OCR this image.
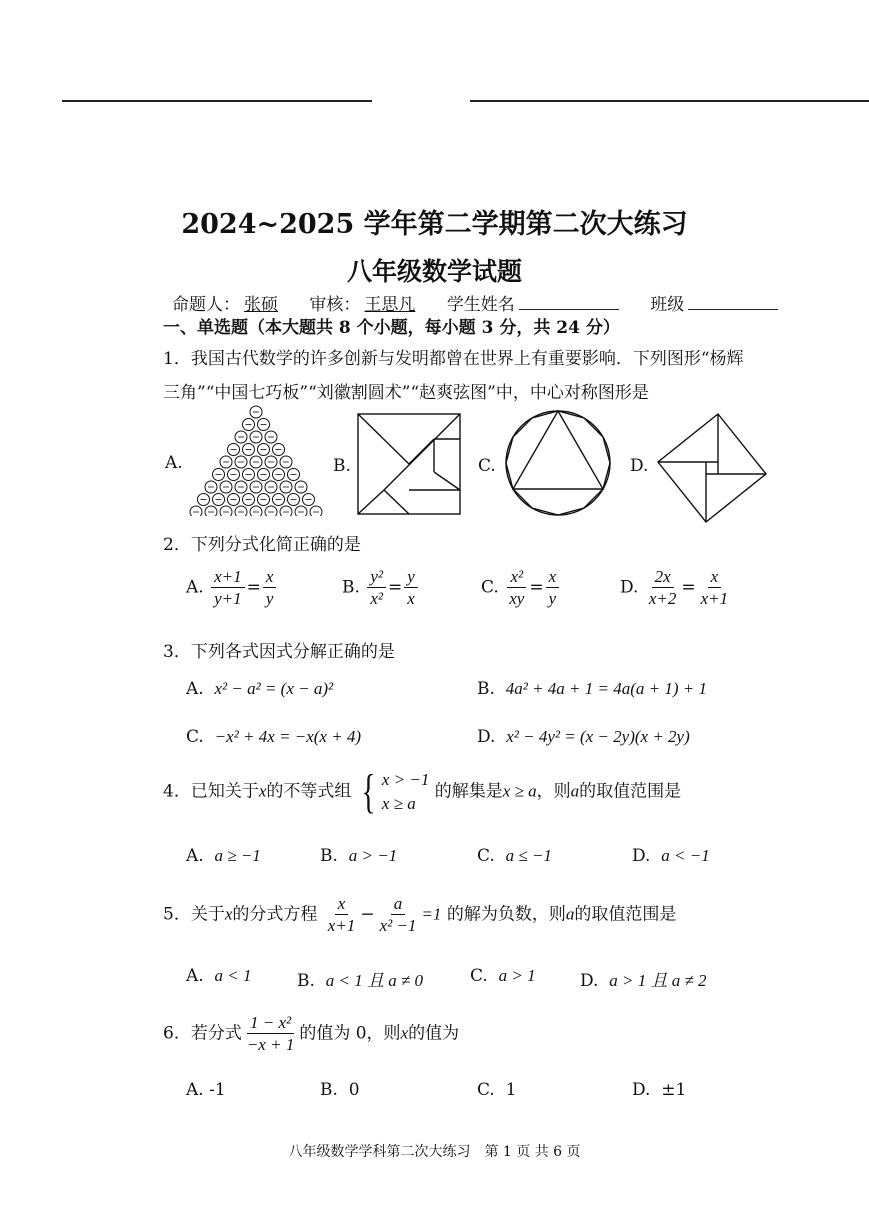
2024~2025 学年第二学期第二次大练习
八年级数学试题
命题人： 张硕 审核： 王思凡 学生姓名	班级
一、单选题（本大题共 8 个小题，每小题 3 分，共 24 分）
1．我国古代数学的许多创新与发明都曾在世界上有重要影响．下列图形“杨辉
三角”“中国七巧板”“刘徽割圆术”“赵爽弦图”中，中心对称图形是
A.	B.	C.	D.
2．下列分式化简正确的是
A. $\frac{x+1}{y+1} = \frac{x}{y}$	B. $\frac{\text{y²}}{\text{x²}} = \frac{y}{x}$	C. $\frac{\text{x²}}{xy} = \frac{x}{y}$	D. $\frac{2x}{x+2} = \frac{x}{x+1}$
3．下列各式因式分解正确的是
A. x² − a² = (x − a)²	B. 4a² + 4a + 1 = 4a(a + 1) + 1
C. −x² + 4x = −x(x + 4)	D. x² − 4y² = (x − 2y)(x + 2y)
4．已知关于x的不等式组 { x > −1
x ≥ a
的解集是x ≥ a，则a的取值范围是
A. a ≥ −1	B. a > −1	C. a ≤ −1	D. a < −1
5．关于x的分式方程 $\frac{x}{x+1} - \frac{a}{\text{x² −1}} =1$ 的解为负数，则a的取值范围是
A. a < 1	B. a < 1 且 a ≠ 0	C. a > 1	D. a > 1 且 a ≠ 2
6．若分式 $\frac{\text{1 − x²}}{-x + 1}$ 的值为 0，则x的值为
A. -1	B. 0	C. 1	D. ±1
八年级数学学科第二次大练习　第 1 页 共 6 页
